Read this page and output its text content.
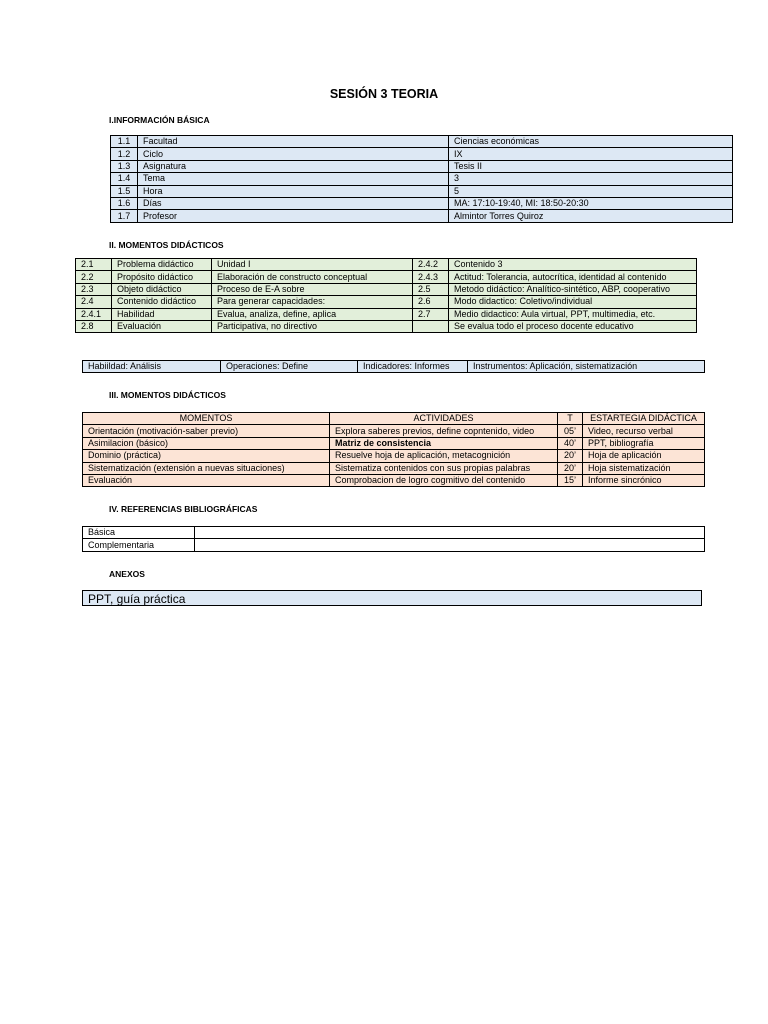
SESIÓN 3 TEORIA
I.INFORMACIÓN BÁSICA
1.1	Facultad	Ciencias económicas
1.2	Ciclo	IX
1.3	Asignatura	Tesis II
1.4	Tema	3
1.5	Hora	5
1.6	Días	MA: 17:10-19:40, MI: 18:50-20:30
1.7	Profesor	Almintor Torres Quiroz
II. MOMENTOS DIDÁCTICOS
2.1	Problema didáctico	Unidad I	2.4.2	Contenido 3
2.2	Propósito didáctico	Elaboración de constructo conceptual	2.4.3	Actitud: Tolerancia, autocrítica, identidad al contenido
2.3	Objeto didáctico	Proceso de E-A sobre	2.5	Metodo didáctico: Analítico-sintético, ABP, cooperativo
2.4	Contenido didáctico	Para generar capacidades:	2.6	Modo didactico: Coletivo/individual
2.4.1	Habilidad	Evalua, analiza, define, aplica	2.7	Medio didactico: Aula virtual, PPT, multimedia, etc.
2.8	Evaluación	Participativa, no directivo		Se evalua todo el proceso docente educativo
Habiildad: Análisis	Operaciones: Define	Indicadores: Informes	Instrumentos: Aplicación, sistematización
III. MOMENTOS DIDÁCTICOS
MOMENTOS	ACTIVIDADES	T	ESTARTEGIA DIDÁCTICA
Orientación (motivación-saber previo)	Explora saberes previos, define copntenido, video	05’	Video, recurso verbal
Asimilacion (básico)	Matriz de consistencia	40’	PPT, bibliografía
Dominio (práctica)	Resuelve hoja de aplicación, metacognición	20’	Hoja de aplicación
Sistematización (extensión a nuevas situaciones)	Sistematiza contenidos con sus propias palabras	20’	Hoja sistematización
Evaluación	Comprobacion de logro cogmitivo del contenido	15’	Informe sincrónico
IV. REFERENCIAS BIBLIOGRÁFICAS
Básica	
Complementaria	
ANEXOS
PPT, guía práctica
